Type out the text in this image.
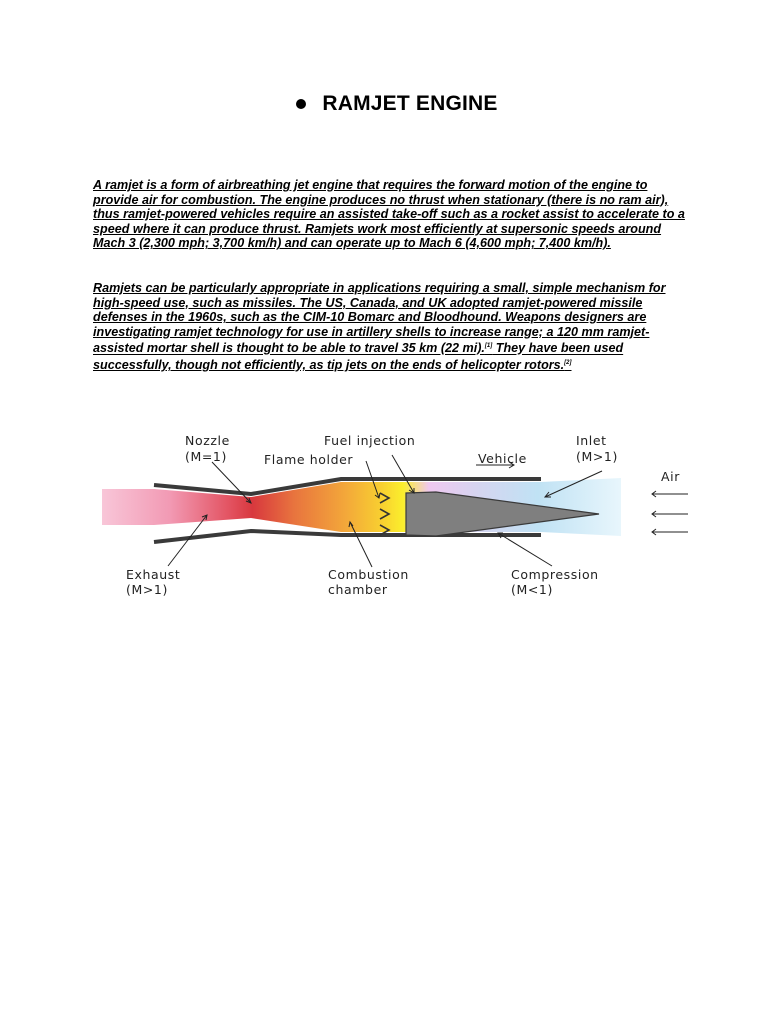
RAMJET ENGINE

A ramjet is a form of airbreathing jet engine that requires the forward motion of the engine to provide air for combustion. The engine produces no thrust when stationary (there is no ram air), thus ramjet-powered vehicles require an assisted take-off such as a rocket assist to accelerate to a speed where it can produce thrust. Ramjets work most efficiently at supersonic speeds around Mach 3 (2,300 mph; 3,700 km/h) and can operate up to Mach 6 (4,600 mph; 7,400 km/h).

Ramjets can be particularly appropriate in applications requiring a small, simple mechanism for high-speed use, such as missiles. The US, Canada, and UK adopted ramjet-powered missile defenses in the 1960s, such as the CIM-10 Bomarc and Bloodhound. Weapons designers are investigating ramjet technology for use in artillery shells to increase range; a 120 mm ramjet-assisted mortar shell is thought to be able to travel 35 km (22 mi).[1] They have been used successfully, though not efficiently, as tip jets on the ends of helicopter rotors.[2]

Nozzle
(M=1)
Fuel injection
Flame holder	Vehicle
Inlet
(M>1)
Air
Exhaust
(M>1)
Combustion
chamber
Compression
(M<1)
